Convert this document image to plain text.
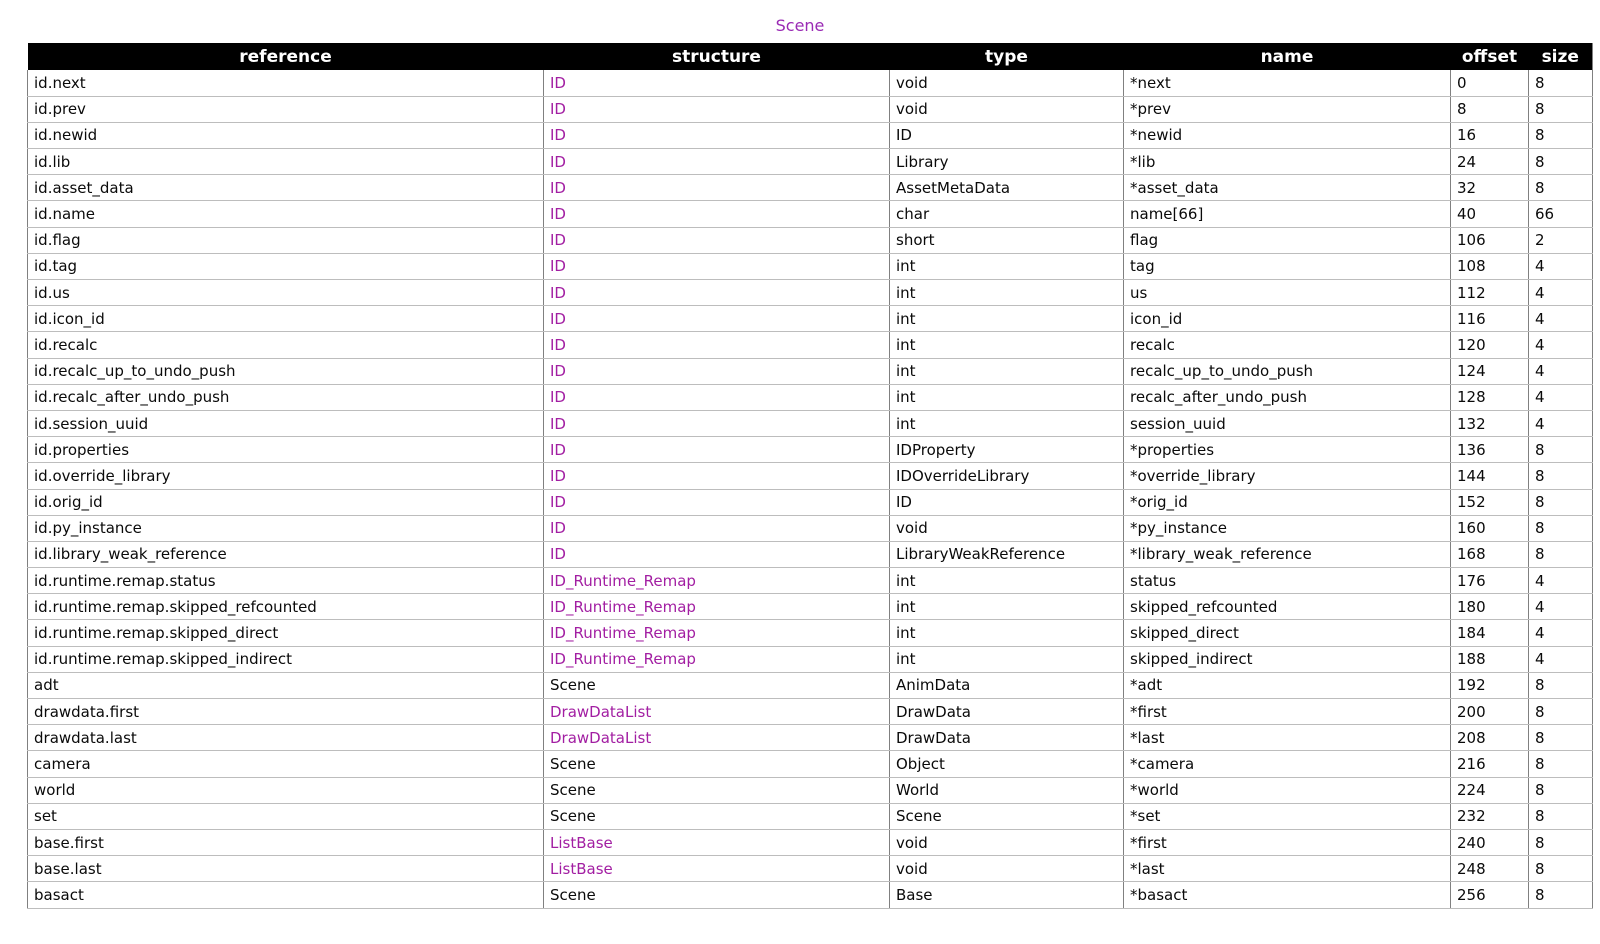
Scene
reference	structure	type	name	offset	size
id.next	ID	void	*next	0	8
id.prev	ID	void	*prev	8	8
id.newid	ID	ID	*newid	16	8
id.lib	ID	Library	*lib	24	8
id.asset_data	ID	AssetMetaData	*asset_data	32	8
id.name	ID	char	name[66]	40	66
id.flag	ID	short	flag	106	2
id.tag	ID	int	tag	108	4
id.us	ID	int	us	112	4
id.icon_id	ID	int	icon_id	116	4
id.recalc	ID	int	recalc	120	4
id.recalc_up_to_undo_push	ID	int	recalc_up_to_undo_push	124	4
id.recalc_after_undo_push	ID	int	recalc_after_undo_push	128	4
id.session_uuid	ID	int	session_uuid	132	4
id.properties	ID	IDProperty	*properties	136	8
id.override_library	ID	IDOverrideLibrary	*override_library	144	8
id.orig_id	ID	ID	*orig_id	152	8
id.py_instance	ID	void	*py_instance	160	8
id.library_weak_reference	ID	LibraryWeakReference	*library_weak_reference	168	8
id.runtime.remap.status	ID_Runtime_Remap	int	status	176	4
id.runtime.remap.skipped_refcounted	ID_Runtime_Remap	int	skipped_refcounted	180	4
id.runtime.remap.skipped_direct	ID_Runtime_Remap	int	skipped_direct	184	4
id.runtime.remap.skipped_indirect	ID_Runtime_Remap	int	skipped_indirect	188	4
adt	Scene	AnimData	*adt	192	8
drawdata.first	DrawDataList	DrawData	*first	200	8
drawdata.last	DrawDataList	DrawData	*last	208	8
camera	Scene	Object	*camera	216	8
world	Scene	World	*world	224	8
set	Scene	Scene	*set	232	8
base.first	ListBase	void	*first	240	8
base.last	ListBase	void	*last	248	8
basact	Scene	Base	*basact	256	8
